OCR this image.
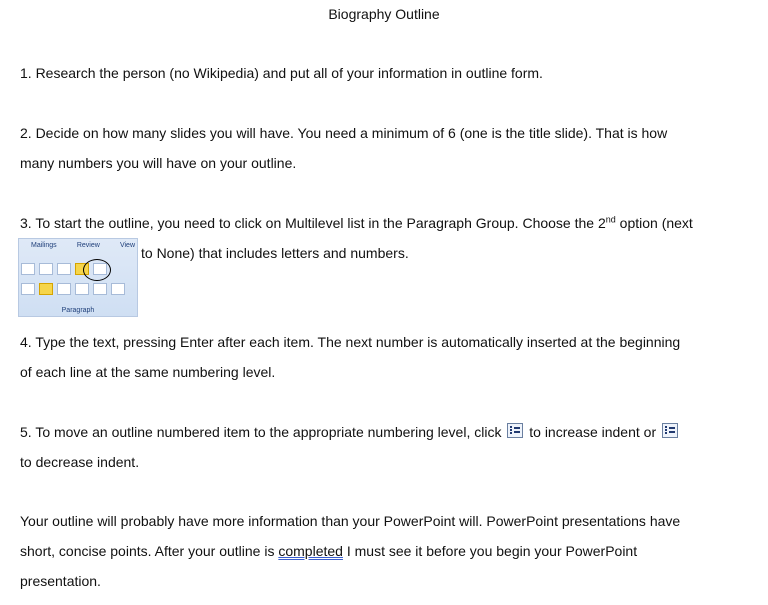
Biography Outline
1. Research the person (no Wikipedia) and put all of your information in outline form.
2. Decide on how many slides you will have. You need a minimum of 6 (one is the title slide). That is how
many numbers you will have on your outline.
3. To start the outline, you need to click on Multilevel list in the Paragraph Group. Choose the 2nd option (next
Mailings	Review	View
Paragraph
to None) that includes letters and numbers.
4. Type the text, pressing Enter after each item. The next number is automatically inserted at the beginning
of each line at the same numbering level.
5. To move an outline numbered item to the appropriate numbering level, click  to increase indent or
to decrease indent.
Your outline will probably have more information than your PowerPoint will. PowerPoint presentations have
short, concise points. After your outline is completed I must see it before you begin your PowerPoint
presentation.
